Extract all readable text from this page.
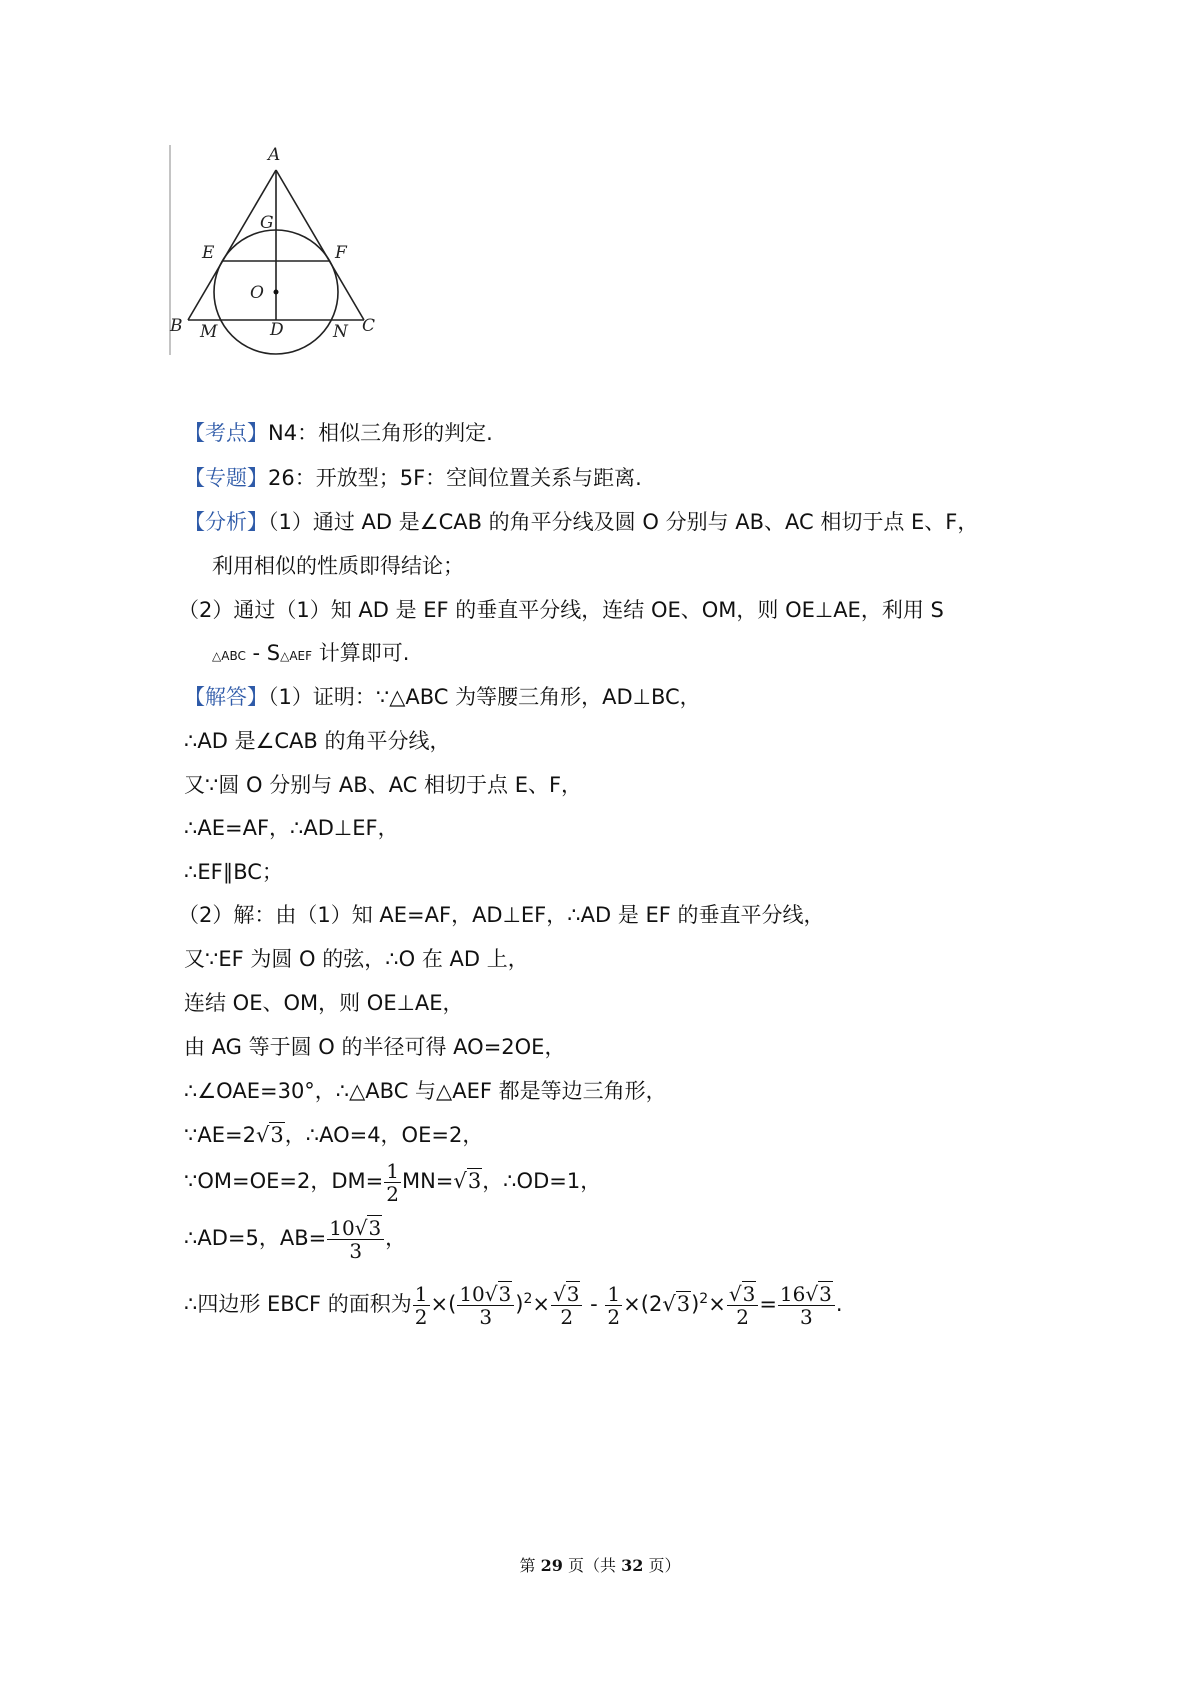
A
G
E	F
O
B M	D	N C
【考点】N4：相似三角形的判定.
【专题】26：开放型；5F：空间位置关系与距离.
【分析】（1）通过 AD 是∠CAB 的角平分线及圆 O 分别与 AB、AC 相切于点 E、F，
利用相似的性质即得结论；
（2）通过（1）知 AD 是 EF 的垂直平分线，连结 OE、OM，则 OE⊥AE，利用 S
△ABC - S△AEF 计算即可.
【解答】（1）证明：∵△ABC 为等腰三角形，AD⊥BC，
∴AD 是∠CAB 的角平分线，
又∵圆 O 分别与 AB、AC 相切于点 E、F，
∴AE=AF，∴AD⊥EF，
∴EF∥BC；
（2）解：由（1）知 AE=AF，AD⊥EF，∴AD 是 EF 的垂直平分线，
又∵EF 为圆 O 的弦，∴O 在 AD 上，
连结 OE、OM，则 OE⊥AE，
由 AG 等于圆 O 的半径可得 AO=2OE，
∴∠OAE=30°，∴△ABC 与△AEF 都是等边三角形，
∵AE=2√3，∴AO=4，OE=2，
∵OM=OE=2，$DM= \frac{1}{2} MN=√3$，∴OD=1，
∴AD=5，$AB= \frac{10√3}{3}$ ，
∴四边形 EBCF 的面积为 $\frac{1}{2}$ ×( $\frac{10√3}{3} )^2\times \frac{√3}{2} - \frac{1}{2} \times(2√3)^2\times \frac{√3}{2} = \frac{16√3}{3}$ .
第 29 页（共 32 页）
